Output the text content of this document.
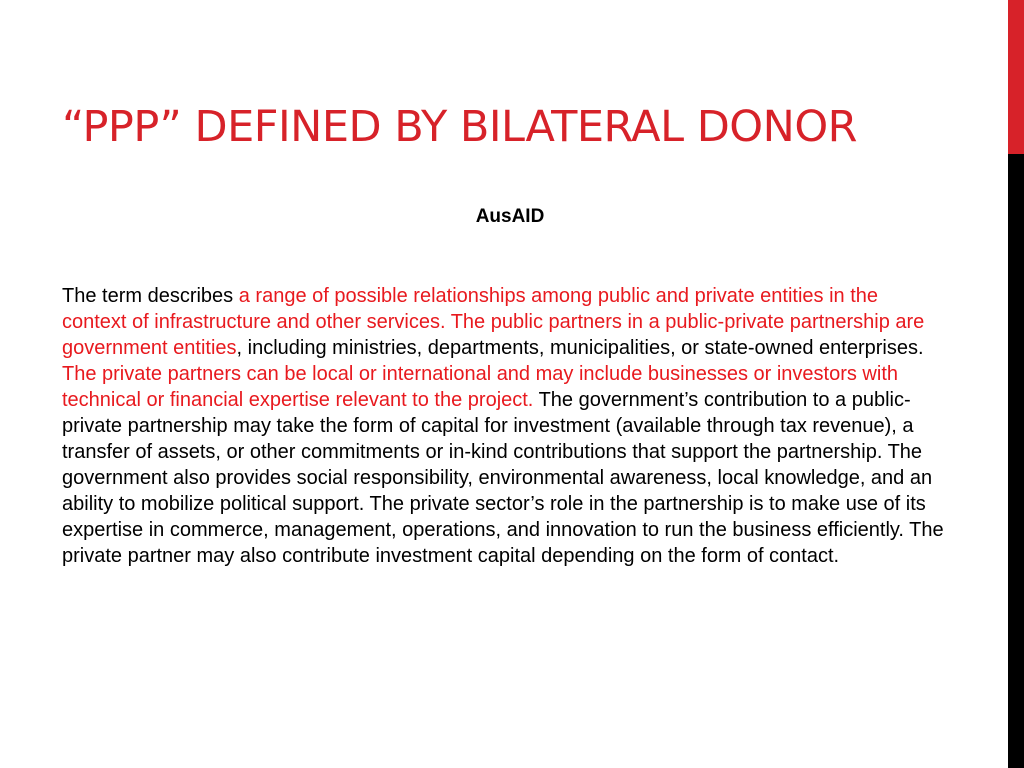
“PPP” DEFINED BY BILATERAL DONOR
AusAID

The term describes a range of possible relationships among public and private entities in the context of infrastructure and other services. The public partners in a public-private partnership are government entities, including ministries, departments, municipalities, or state-owned enterprises. The private partners can be local or international and may include businesses or investors with technical or financial expertise relevant to the project. The government’s contribution to a public-private partnership may take the form of capital for investment (available through tax revenue), a transfer of assets, or other commitments or in-kind contributions that support the partnership. The government also provides social responsibility, environmental awareness, local knowledge, and an ability to mobilize political support. The private sector’s role in the partnership is to make use of its expertise in commerce, management, operations, and innovation to run the business efficiently. The private partner may also contribute investment capital depending on the form of contact.
